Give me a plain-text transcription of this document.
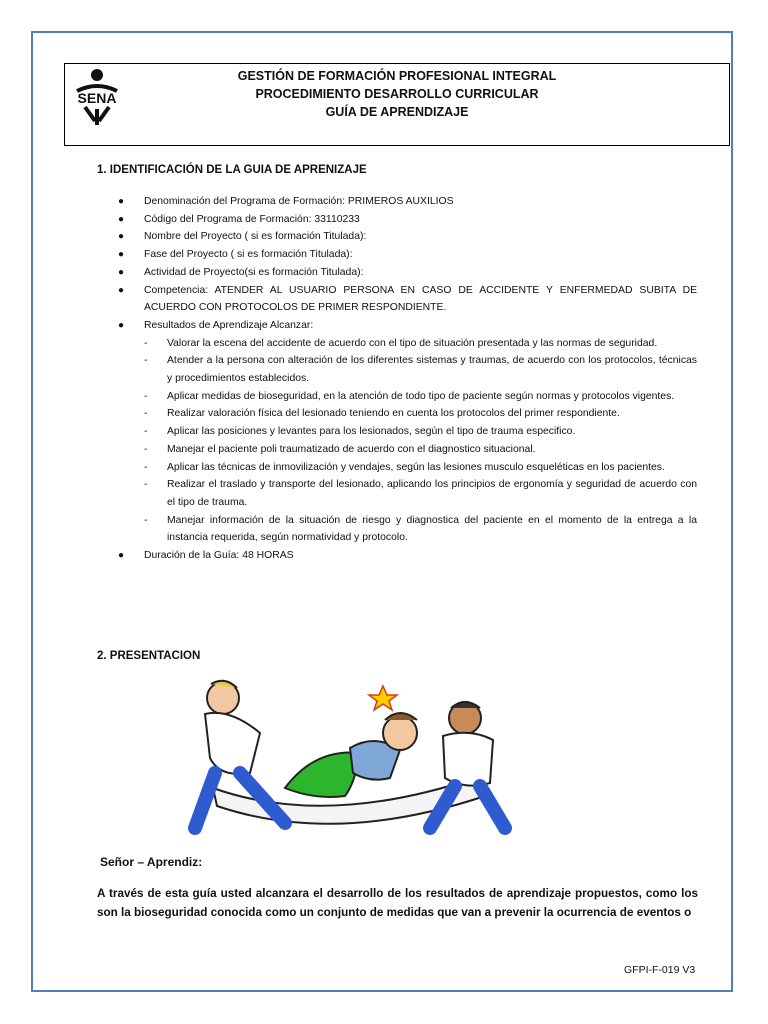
SENA
GESTIÓN DE FORMACIÓN PROFESIONAL INTEGRAL
PROCEDIMIENTO DESARROLLO CURRICULAR
GUÍA DE APRENDIZAJE
1. IDENTIFICACIÓN DE LA GUIA DE APRENIZAJE
● Denominación del Programa de Formación: PRIMEROS AUXILIOS
● Código del Programa de Formación: 33110233
● Nombre del Proyecto ( si es formación Titulada):
● Fase del Proyecto ( si es formación Titulada):
● Actividad de Proyecto(si es formación Titulada):
● Competencia: ATENDER AL USUARIO PERSONA EN CASO DE ACCIDENTE Y ENFERMEDAD SUBITA DE ACUERDO CON PROTOCOLOS DE PRIMER RESPONDIENTE.
● Resultados de Aprendizaje Alcanzar:
- Valorar la escena del accidente de acuerdo con el tipo de situación presentada y las normas de seguridad.
- Atender a la persona con alteración de los diferentes sistemas y traumas, de acuerdo con los protocolos, técnicas y procedimientos establecidos.
- Aplicar medidas de bioseguridad, en la atención de todo tipo de paciente según normas y protocolos vigentes.
- Realizar valoración física del lesionado teniendo en cuenta los protocolos del primer respondiente.
- Aplicar las posiciones y levantes para los lesionados, según el tipo de trauma especifico.
- Manejar el paciente poli traumatizado de acuerdo con el diagnostico situacional.
- Aplicar las técnicas de inmovilización y vendajes, según las lesiones musculo esqueléticas en los pacientes.
- Realizar el traslado y transporte del lesionado, aplicando los principios de ergonomía y seguridad de acuerdo con el tipo de trauma.
- Manejar información de la situación de riesgo y diagnostica del paciente en el momento de la entrega a la instancia requerida, según normatividad y protocolo.
● Duración de la Guía: 48 HORAS
2. PRESENTACION
Señor – Aprendiz:
A través de esta guía usted alcanzara el desarrollo de los resultados de aprendizaje propuestos, como los son la bioseguridad conocida como un conjunto de medidas que van a prevenir la ocurrencia de eventos o
GFPI-F-019 V3
